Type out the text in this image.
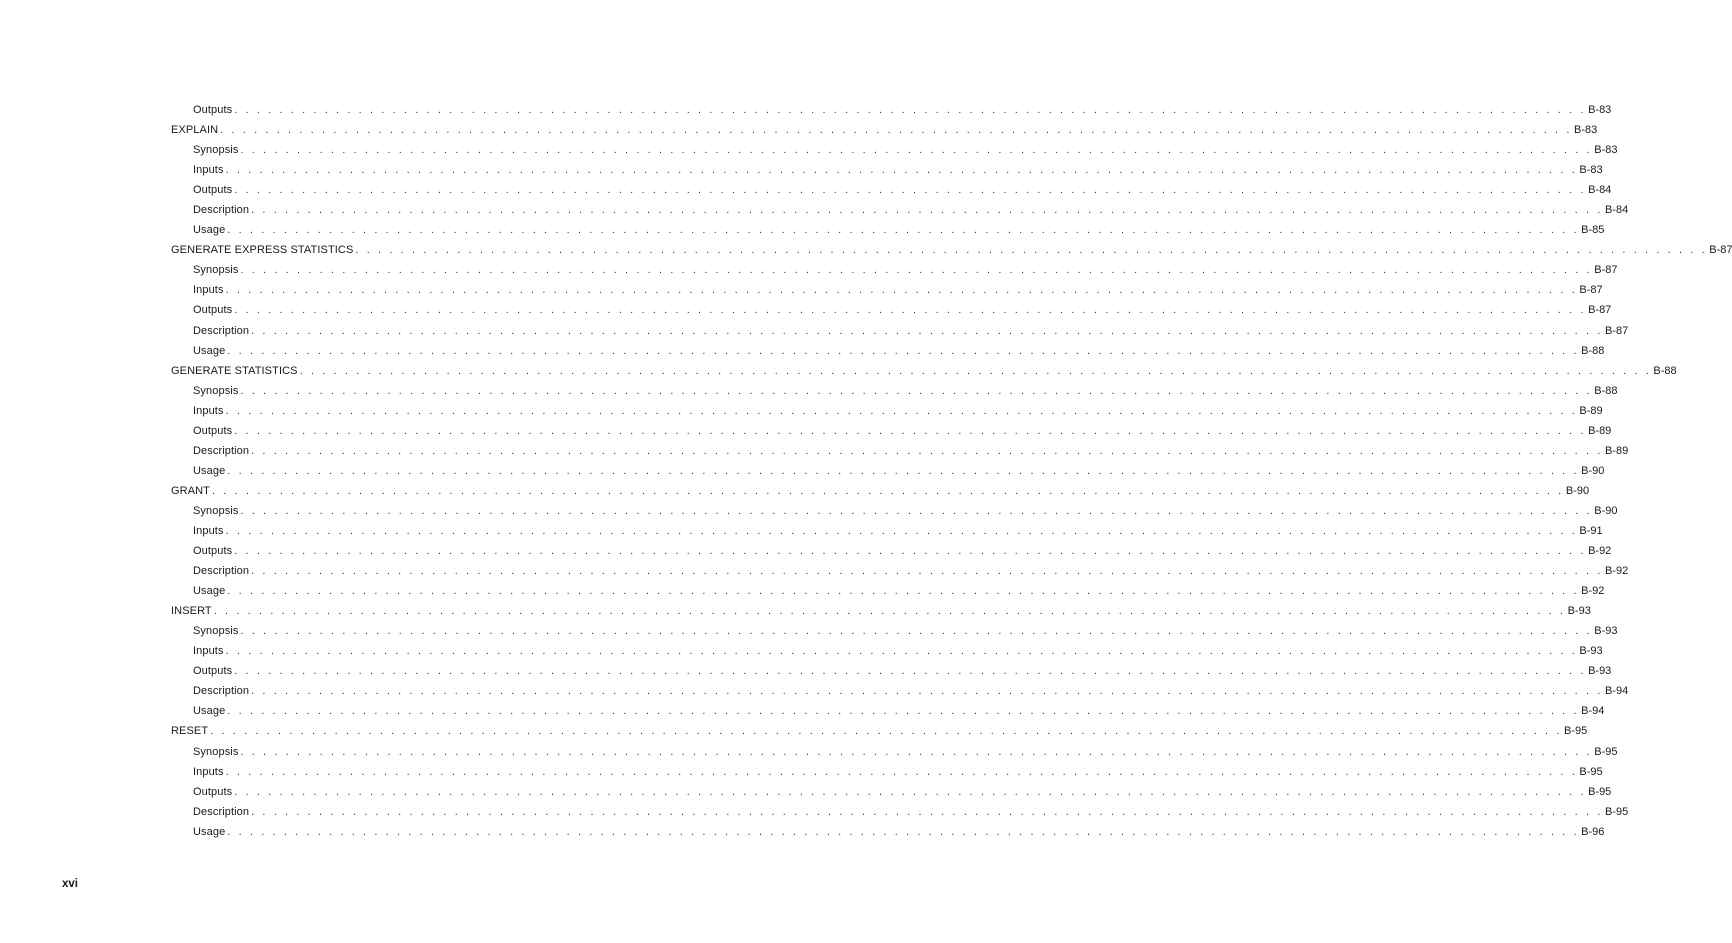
Outputs . . . . . . . . . . . . . . . . . . . . . . . . . . . . . . . . . . . . . . . . . . . . . . . . . . . . . . . . . . . . . . . . . . . . . . . . . . . . . . . . . . . . . . . . . . . . . . . . . . . . . . . . . . . . . . . . . . . . . . . . B-83
EXPLAIN . . . . . . . . . . . . . . . . . . . . . . . . . . . . . . . . . . . . . . . . . . . . . . . . . . . . . . . . . . . . . . . . . . . . . . . . . . . . . . . . . . . . . . . . . . . . . . . . . . . . . . . . . . . . . . . . . . . . . . . . B-83
Synopsis . . . . . . . . . . . . . . . . . . . . . . . . . . . . . . . . . . . . . . . . . . . . . . . . . . . . . . . . . . . . . . . . . . . . . . . . . . . . . . . . . . . . . . . . . . . . . . . . . . . . . . . . . . . . . . . . . . . . . . . . B-83
Inputs . . . . . . . . . . . . . . . . . . . . . . . . . . . . . . . . . . . . . . . . . . . . . . . . . . . . . . . . . . . . . . . . . . . . . . . . . . . . . . . . . . . . . . . . . . . . . . . . . . . . . . . . . . . . . . . . . . . . . . . . B-83
Outputs . . . . . . . . . . . . . . . . . . . . . . . . . . . . . . . . . . . . . . . . . . . . . . . . . . . . . . . . . . . . . . . . . . . . . . . . . . . . . . . . . . . . . . . . . . . . . . . . . . . . . . . . . . . . . . . . . . . . . . . . B-84
Description . . . . . . . . . . . . . . . . . . . . . . . . . . . . . . . . . . . . . . . . . . . . . . . . . . . . . . . . . . . . . . . . . . . . . . . . . . . . . . . . . . . . . . . . . . . . . . . . . . . . . . . . . . . . . . . . . . . . . . . . B-84
Usage . . . . . . . . . . . . . . . . . . . . . . . . . . . . . . . . . . . . . . . . . . . . . . . . . . . . . . . . . . . . . . . . . . . . . . . . . . . . . . . . . . . . . . . . . . . . . . . . . . . . . . . . . . . . . . . . . . . . . . . . B-85
GENERATE EXPRESS STATISTICS . . . . . . . . . . . . . . . . . . . . . . . . . . . . . . . . . . . . . . . . . . . . . . . . . . . . . . . . . . . . . . . . . . . . . . . . . . . . . . . . . . . . . . . . . . . . . . . . . . . . . . . . . . . . . . . . . . . . . . . . B-87
Synopsis . . . . . . . . . . . . . . . . . . . . . . . . . . . . . . . . . . . . . . . . . . . . . . . . . . . . . . . . . . . . . . . . . . . . . . . . . . . . . . . . . . . . . . . . . . . . . . . . . . . . . . . . . . . . . . . . . . . . . . . . B-87
Inputs . . . . . . . . . . . . . . . . . . . . . . . . . . . . . . . . . . . . . . . . . . . . . . . . . . . . . . . . . . . . . . . . . . . . . . . . . . . . . . . . . . . . . . . . . . . . . . . . . . . . . . . . . . . . . . . . . . . . . . . . B-87
Outputs . . . . . . . . . . . . . . . . . . . . . . . . . . . . . . . . . . . . . . . . . . . . . . . . . . . . . . . . . . . . . . . . . . . . . . . . . . . . . . . . . . . . . . . . . . . . . . . . . . . . . . . . . . . . . . . . . . . . . . . . B-87
Description . . . . . . . . . . . . . . . . . . . . . . . . . . . . . . . . . . . . . . . . . . . . . . . . . . . . . . . . . . . . . . . . . . . . . . . . . . . . . . . . . . . . . . . . . . . . . . . . . . . . . . . . . . . . . . . . . . . . . . . . B-87
Usage . . . . . . . . . . . . . . . . . . . . . . . . . . . . . . . . . . . . . . . . . . . . . . . . . . . . . . . . . . . . . . . . . . . . . . . . . . . . . . . . . . . . . . . . . . . . . . . . . . . . . . . . . . . . . . . . . . . . . . . . B-88
GENERATE STATISTICS . . . . . . . . . . . . . . . . . . . . . . . . . . . . . . . . . . . . . . . . . . . . . . . . . . . . . . . . . . . . . . . . . . . . . . . . . . . . . . . . . . . . . . . . . . . . . . . . . . . . . . . . . . . . . . . . . . . . . . . . B-88
Synopsis . . . . . . . . . . . . . . . . . . . . . . . . . . . . . . . . . . . . . . . . . . . . . . . . . . . . . . . . . . . . . . . . . . . . . . . . . . . . . . . . . . . . . . . . . . . . . . . . . . . . . . . . . . . . . . . . . . . . . . . . B-88
Inputs . . . . . . . . . . . . . . . . . . . . . . . . . . . . . . . . . . . . . . . . . . . . . . . . . . . . . . . . . . . . . . . . . . . . . . . . . . . . . . . . . . . . . . . . . . . . . . . . . . . . . . . . . . . . . . . . . . . . . . . . B-89
Outputs . . . . . . . . . . . . . . . . . . . . . . . . . . . . . . . . . . . . . . . . . . . . . . . . . . . . . . . . . . . . . . . . . . . . . . . . . . . . . . . . . . . . . . . . . . . . . . . . . . . . . . . . . . . . . . . . . . . . . . . . B-89
Description . . . . . . . . . . . . . . . . . . . . . . . . . . . . . . . . . . . . . . . . . . . . . . . . . . . . . . . . . . . . . . . . . . . . . . . . . . . . . . . . . . . . . . . . . . . . . . . . . . . . . . . . . . . . . . . . . . . . . . . . B-89
Usage . . . . . . . . . . . . . . . . . . . . . . . . . . . . . . . . . . . . . . . . . . . . . . . . . . . . . . . . . . . . . . . . . . . . . . . . . . . . . . . . . . . . . . . . . . . . . . . . . . . . . . . . . . . . . . . . . . . . . . . . B-90
GRANT . . . . . . . . . . . . . . . . . . . . . . . . . . . . . . . . . . . . . . . . . . . . . . . . . . . . . . . . . . . . . . . . . . . . . . . . . . . . . . . . . . . . . . . . . . . . . . . . . . . . . . . . . . . . . . . . . . . . . . . . B-90
Synopsis . . . . . . . . . . . . . . . . . . . . . . . . . . . . . . . . . . . . . . . . . . . . . . . . . . . . . . . . . . . . . . . . . . . . . . . . . . . . . . . . . . . . . . . . . . . . . . . . . . . . . . . . . . . . . . . . . . . . . . . . B-90
Inputs . . . . . . . . . . . . . . . . . . . . . . . . . . . . . . . . . . . . . . . . . . . . . . . . . . . . . . . . . . . . . . . . . . . . . . . . . . . . . . . . . . . . . . . . . . . . . . . . . . . . . . . . . . . . . . . . . . . . . . . . B-91
Outputs . . . . . . . . . . . . . . . . . . . . . . . . . . . . . . . . . . . . . . . . . . . . . . . . . . . . . . . . . . . . . . . . . . . . . . . . . . . . . . . . . . . . . . . . . . . . . . . . . . . . . . . . . . . . . . . . . . . . . . . . B-92
Description . . . . . . . . . . . . . . . . . . . . . . . . . . . . . . . . . . . . . . . . . . . . . . . . . . . . . . . . . . . . . . . . . . . . . . . . . . . . . . . . . . . . . . . . . . . . . . . . . . . . . . . . . . . . . . . . . . . . . . . . B-92
Usage . . . . . . . . . . . . . . . . . . . . . . . . . . . . . . . . . . . . . . . . . . . . . . . . . . . . . . . . . . . . . . . . . . . . . . . . . . . . . . . . . . . . . . . . . . . . . . . . . . . . . . . . . . . . . . . . . . . . . . . . B-92
INSERT . . . . . . . . . . . . . . . . . . . . . . . . . . . . . . . . . . . . . . . . . . . . . . . . . . . . . . . . . . . . . . . . . . . . . . . . . . . . . . . . . . . . . . . . . . . . . . . . . . . . . . . . . . . . . . . . . . . . . . . . B-93
Synopsis . . . . . . . . . . . . . . . . . . . . . . . . . . . . . . . . . . . . . . . . . . . . . . . . . . . . . . . . . . . . . . . . . . . . . . . . . . . . . . . . . . . . . . . . . . . . . . . . . . . . . . . . . . . . . . . . . . . . . . . . B-93
Inputs . . . . . . . . . . . . . . . . . . . . . . . . . . . . . . . . . . . . . . . . . . . . . . . . . . . . . . . . . . . . . . . . . . . . . . . . . . . . . . . . . . . . . . . . . . . . . . . . . . . . . . . . . . . . . . . . . . . . . . . . B-93
Outputs . . . . . . . . . . . . . . . . . . . . . . . . . . . . . . . . . . . . . . . . . . . . . . . . . . . . . . . . . . . . . . . . . . . . . . . . . . . . . . . . . . . . . . . . . . . . . . . . . . . . . . . . . . . . . . . . . . . . . . . . B-93
Description . . . . . . . . . . . . . . . . . . . . . . . . . . . . . . . . . . . . . . . . . . . . . . . . . . . . . . . . . . . . . . . . . . . . . . . . . . . . . . . . . . . . . . . . . . . . . . . . . . . . . . . . . . . . . . . . . . . . . . . . B-94
Usage . . . . . . . . . . . . . . . . . . . . . . . . . . . . . . . . . . . . . . . . . . . . . . . . . . . . . . . . . . . . . . . . . . . . . . . . . . . . . . . . . . . . . . . . . . . . . . . . . . . . . . . . . . . . . . . . . . . . . . . . B-94
RESET . . . . . . . . . . . . . . . . . . . . . . . . . . . . . . . . . . . . . . . . . . . . . . . . . . . . . . . . . . . . . . . . . . . . . . . . . . . . . . . . . . . . . . . . . . . . . . . . . . . . . . . . . . . . . . . . . . . . . . . . B-95
Synopsis . . . . . . . . . . . . . . . . . . . . . . . . . . . . . . . . . . . . . . . . . . . . . . . . . . . . . . . . . . . . . . . . . . . . . . . . . . . . . . . . . . . . . . . . . . . . . . . . . . . . . . . . . . . . . . . . . . . . . . . . B-95
Inputs . . . . . . . . . . . . . . . . . . . . . . . . . . . . . . . . . . . . . . . . . . . . . . . . . . . . . . . . . . . . . . . . . . . . . . . . . . . . . . . . . . . . . . . . . . . . . . . . . . . . . . . . . . . . . . . . . . . . . . . . B-95
Outputs . . . . . . . . . . . . . . . . . . . . . . . . . . . . . . . . . . . . . . . . . . . . . . . . . . . . . . . . . . . . . . . . . . . . . . . . . . . . . . . . . . . . . . . . . . . . . . . . . . . . . . . . . . . . . . . . . . . . . . . . B-95
Description . . . . . . . . . . . . . . . . . . . . . . . . . . . . . . . . . . . . . . . . . . . . . . . . . . . . . . . . . . . . . . . . . . . . . . . . . . . . . . . . . . . . . . . . . . . . . . . . . . . . . . . . . . . . . . . . . . . . . . . . B-95
Usage . . . . . . . . . . . . . . . . . . . . . . . . . . . . . . . . . . . . . . . . . . . . . . . . . . . . . . . . . . . . . . . . . . . . . . . . . . . . . . . . . . . . . . . . . . . . . . . . . . . . . . . . . . . . . . . . . . . . . . . . B-96
xvi
